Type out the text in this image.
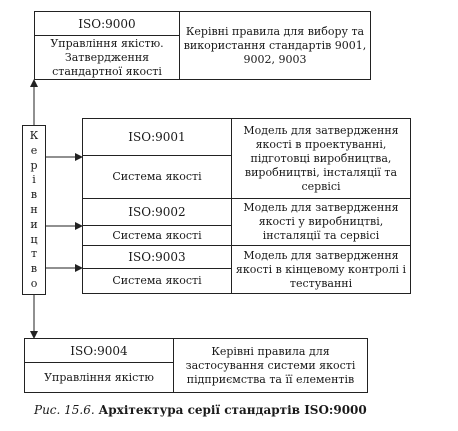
ISO:9000
Управління якістю. Затвердження стандартної якості
Керівні правила для вибору та використання стандартів 9001, 9002, 9003
К
е
р
і
в
н
и
ц
т
в
о
ISO:9001
Система якості
Модель для затвердження якості в проектуванні, підготовці виробництва, виробництві, інсталяції та сервісі
ISO:9002
Система якості
Модель для затвердження якості у виробництві, інсталяції та сервісі
ISO:9003
Система якості
Модель для затвердження якості в кінцевому контролі і тестуванні
ISO:9004
Управління якістю
Керівні правила для застосування системи якості підприємства та її елементів
Рис. 15.6. Архітектура серії стандартів ISO:9000
